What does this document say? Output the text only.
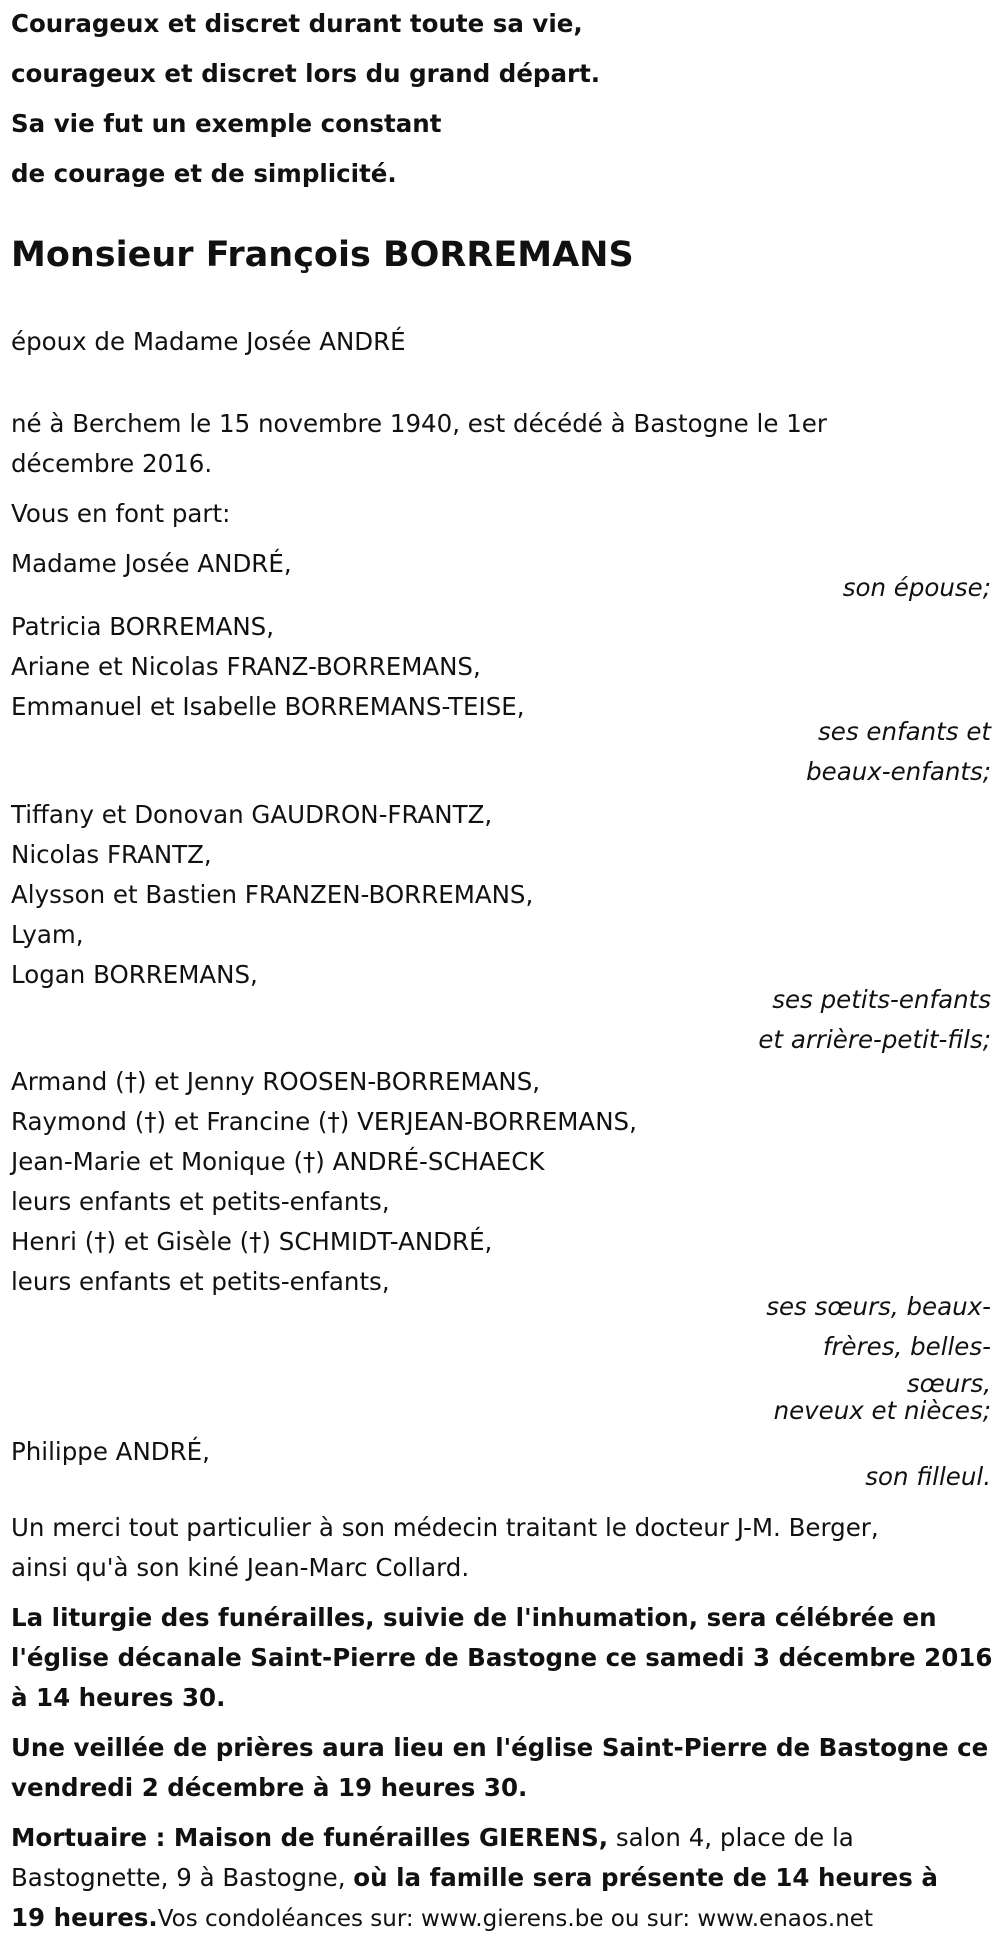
Courageux et discret durant toute sa vie,
courageux et discret lors du grand départ.
Sa vie fut un exemple constant
de courage et de simplicité.
Monsieur François BORREMANS
époux de Madame Josée ANDRÉ
né à Berchem le 15 novembre 1940, est décédé à Bastogne le 1er
décembre 2016.
Vous en font part:
Madame Josée ANDRÉ,
son épouse;
Patricia BORREMANS,
Ariane et Nicolas FRANZ-BORREMANS,
Emmanuel et Isabelle BORREMANS-TEISE,
ses enfants et
beaux-enfants;
Tiffany et Donovan GAUDRON-FRANTZ,
Nicolas FRANTZ,
Alysson et Bastien FRANZEN-BORREMANS,
Lyam,
Logan BORREMANS,
ses petits-enfants
et arrière-petit-fils;
Armand (†) et Jenny ROOSEN-BORREMANS,
Raymond (†) et Francine (†) VERJEAN-BORREMANS,
Jean-Marie et Monique (†) ANDRÉ-SCHAECK
leurs enfants et petits-enfants,
Henri (†) et Gisèle (†) SCHMIDT-ANDRÉ,
leurs enfants et petits-enfants,
ses sœurs, beaux-
frères, belles-
sœurs,
neveux et nièces;
Philippe ANDRÉ,
son filleul.
Un merci tout particulier à son médecin traitant le docteur J-M. Berger,
ainsi qu'à son kiné Jean-Marc Collard.
La liturgie des funérailles, suivie de l'inhumation, sera célébrée en
l'église décanale Saint-Pierre de Bastogne ce samedi 3 décembre 2016
à 14 heures 30.
Une veillée de prières aura lieu en l'église Saint-Pierre de Bastogne ce
vendredi 2 décembre à 19 heures 30.
Mortuaire : Maison de funérailles GIERENS, salon 4, place de la
Bastognette, 9 à Bastogne, où la famille sera présente de 14 heures à
19 heures.Vos condoléances sur: www.gierens.be ou sur: www.enaos.net
